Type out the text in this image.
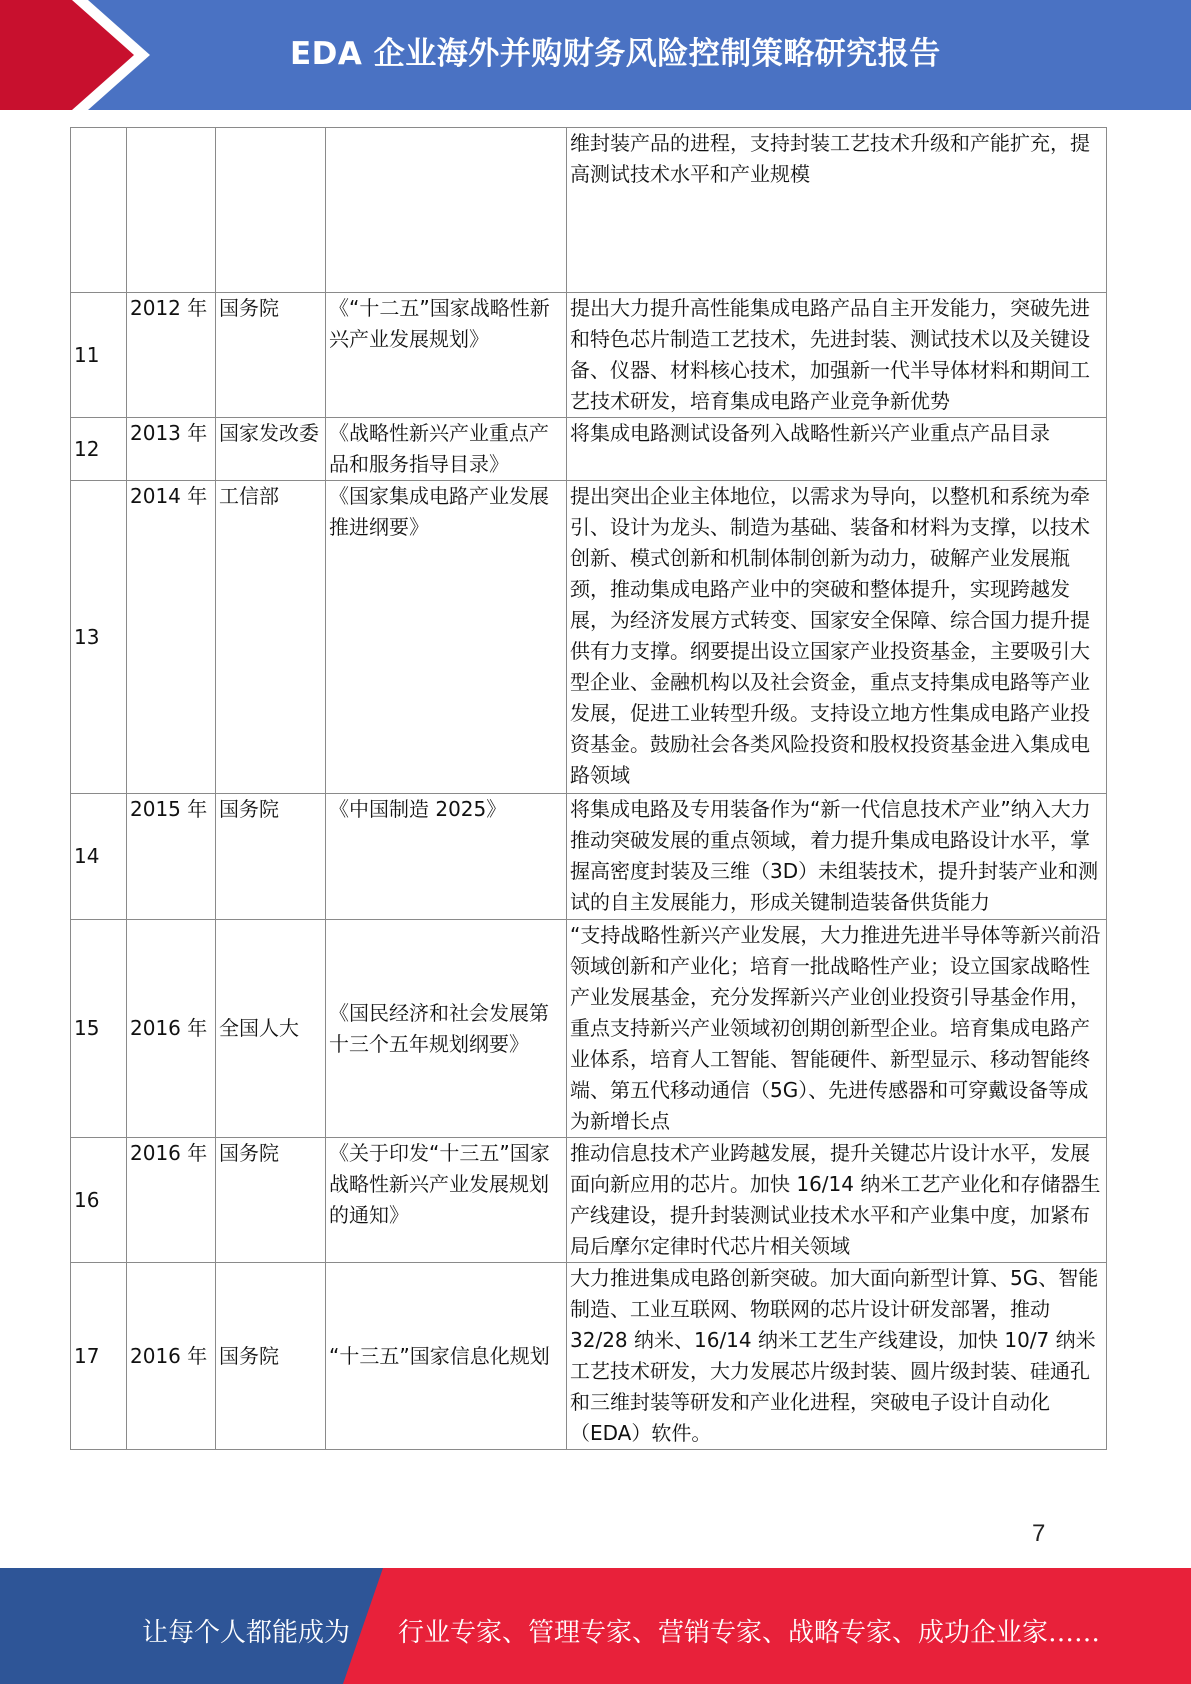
EDA 企业海外并购财务风险控制策略研究报告
				维封装产品的进程，支持封装工艺技术升级和产能扩充，提高测试技术水平和产业规模
11	2012 年	国务院	《“十二五”国家战略性新兴产业发展规划》	提出大力提升高性能集成电路产品自主开发能力，突破先进和特色芯片制造工艺技术，先进封装、测试技术以及关键设备、仪器、材料核心技术，加强新一代半导体材料和期间工艺技术研发，培育集成电路产业竞争新优势
12	2013 年	国家发改委	《战略性新兴产业重点产品和服务指导目录》	将集成电路测试设备列入战略性新兴产业重点产品目录
13	2014 年	工信部	《国家集成电路产业发展推进纲要》	提出突出企业主体地位，以需求为导向，以整机和系统为牵引、设计为龙头、制造为基础、装备和材料为支撑，以技术创新、模式创新和机制体制创新为动力，破解产业发展瓶颈，推动集成电路产业中的突破和整体提升，实现跨越发展，为经济发展方式转变、国家安全保障、综合国力提升提供有力支撑。纲要提出设立国家产业投资基金，主要吸引大型企业、金融机构以及社会资金，重点支持集成电路等产业发展，促进工业转型升级。支持设立地方性集成电路产业投资基金。鼓励社会各类风险投资和股权投资基金进入集成电路领域
14	2015 年	国务院	《中国制造 2025》	将集成电路及专用装备作为“新一代信息技术产业”纳入大力推动突破发展的重点领域，着力提升集成电路设计水平，掌握高密度封装及三维（3D）未组装技术，提升封装产业和测试的自主发展能力，形成关键制造装备供货能力
15	2016 年	全国人大	《国民经济和社会发展第十三个五年规划纲要》	“支持战略性新兴产业发展，大力推进先进半导体等新兴前沿领域创新和产业化；培育一批战略性产业；设立国家战略性产业发展基金，充分发挥新兴产业创业投资引导基金作用，重点支持新兴产业领域初创期创新型企业。培育集成电路产业体系，培育人工智能、智能硬件、新型显示、移动智能终端、第五代移动通信（5G）、先进传感器和可穿戴设备等成为新增长点
16	2016 年	国务院	《关于印发“十三五”国家战略性新兴产业发展规划的通知》	推动信息技术产业跨越发展，提升关键芯片设计水平，发展面向新应用的芯片。加快 16/14 纳米工艺产业化和存储器生产线建设，提升封装测试业技术水平和产业集中度，加紧布局后摩尔定律时代芯片相关领域
17	2016 年	国务院	“十三五”国家信息化规划	大力推进集成电路创新突破。加大面向新型计算、5G、智能制造、工业互联网、物联网的芯片设计研发部署，推动 32/28 纳米、16/14 纳米工艺生产线建设，加快 10/7 纳米工艺技术研发，大力发展芯片级封装、圆片级封装、硅通孔和三维封装等研发和产业化进程，突破电子设计自动化（EDA）软件。
7
让每个人都能成为 行业专家、管理专家、营销专家、战略专家、成功企业家……
